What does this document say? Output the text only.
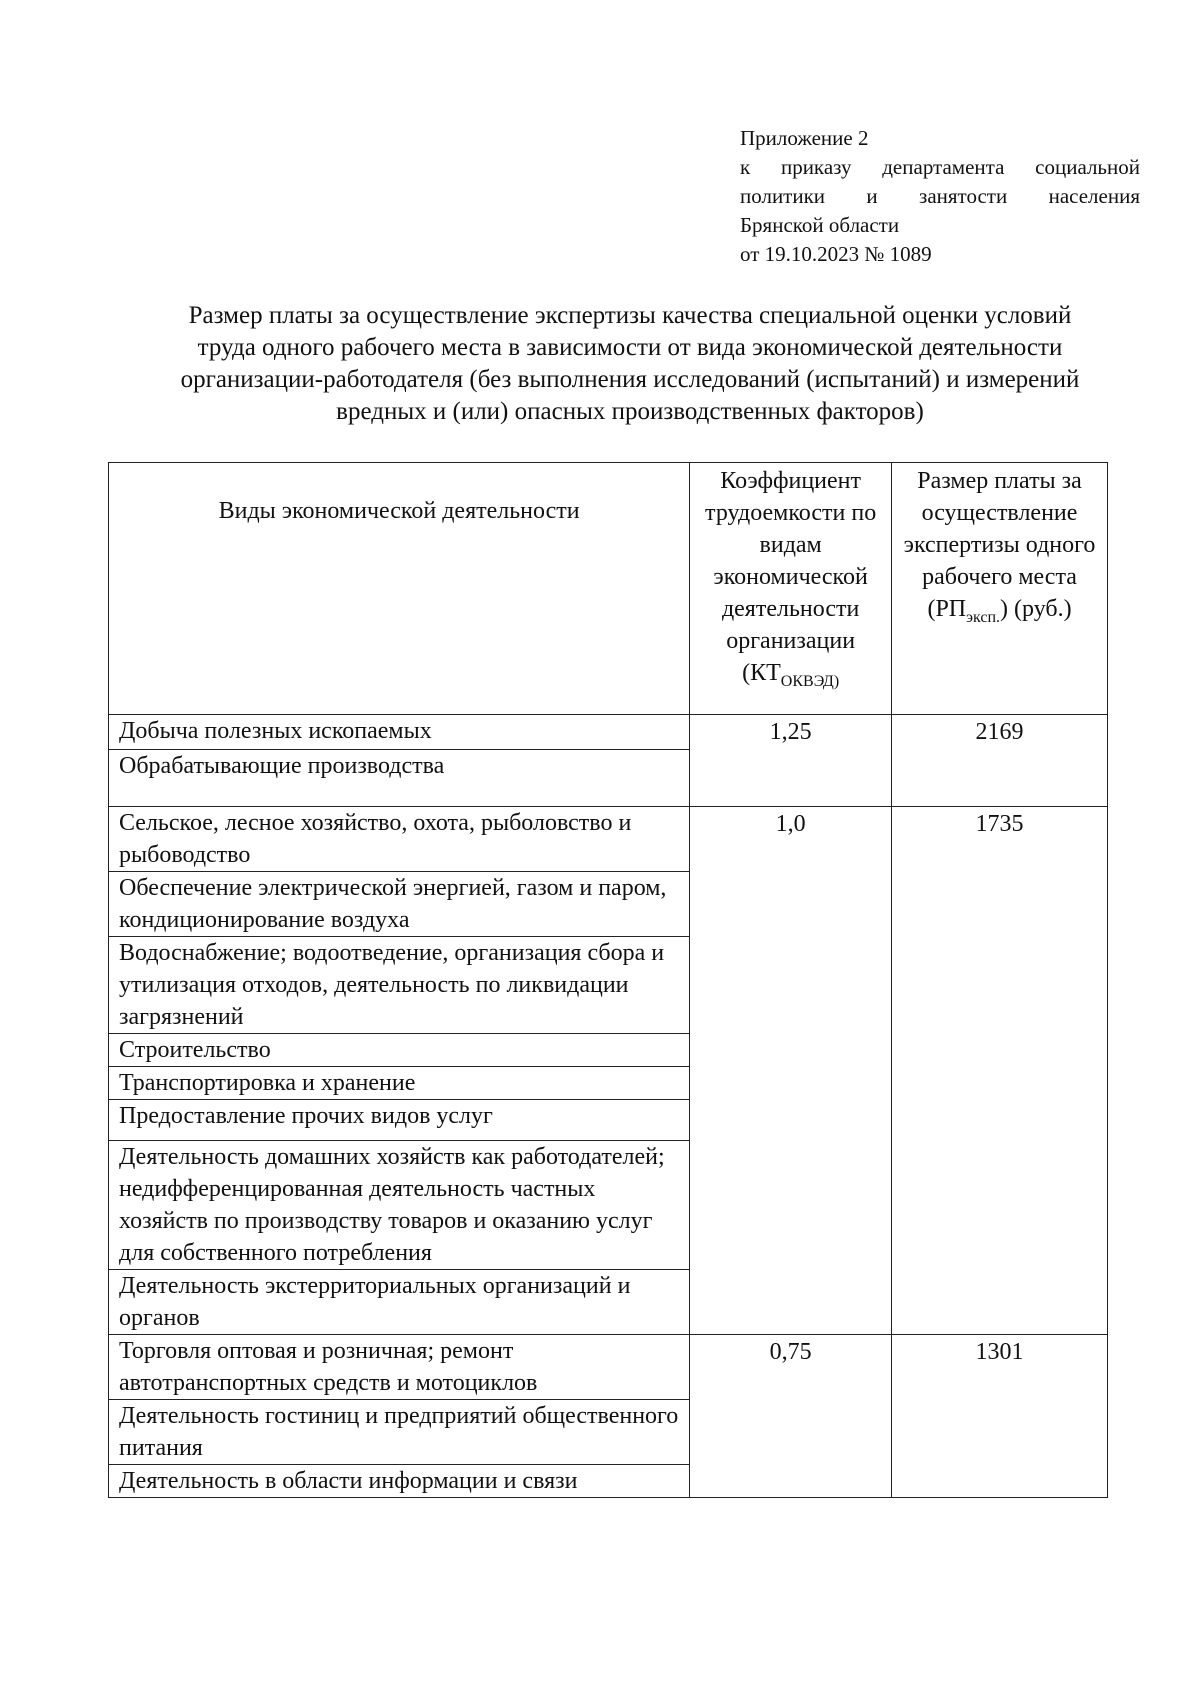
Приложение 2
к приказу департамента социальной
политики и занятости населения
Брянской области
от 19.10.2023 № 1089
Размер платы за осуществление экспертизы качества специальной оценки условий
труда одного рабочего места в зависимости от вида экономической деятельности
организации-работодателя (без выполнения исследований (испытаний) и измерений
вредных и (или) опасных производственных факторов)
Виды экономической деятельности	Коэффициент трудоемкости по видам экономической деятельности организации ($КТ_{ОКВЭД)}$	Размер платы за осуществление экспертизы одного рабочего места $(РП_{эксп.})$ (руб.)
Добыча полезных ископаемых	1,25	2169
Обрабатывающие производства		
Сельское, лесное хозяйство, охота, рыболовство и рыбоводство	1,0	1735
Обеспечение электрической энергией, газом и паром, кондиционирование воздуха		
Водоснабжение; водоотведение, организация сбора и утилизация отходов, деятельность по ликвидации загрязнений		
Строительство		
Транспортировка и хранение		
Предоставление прочих видов услуг		
Деятельность домашних хозяйств как работодателей; недифференцированная деятельность частных хозяйств по производству товаров и оказанию услуг для собственного потребления		
Деятельность экстерриториальных организаций и органов		
Торговля оптовая и розничная; ремонт автотранспортных средств и мотоциклов	0,75	1301
Деятельность гостиниц и предприятий общественного питания		
Деятельность в области информации и связи		
